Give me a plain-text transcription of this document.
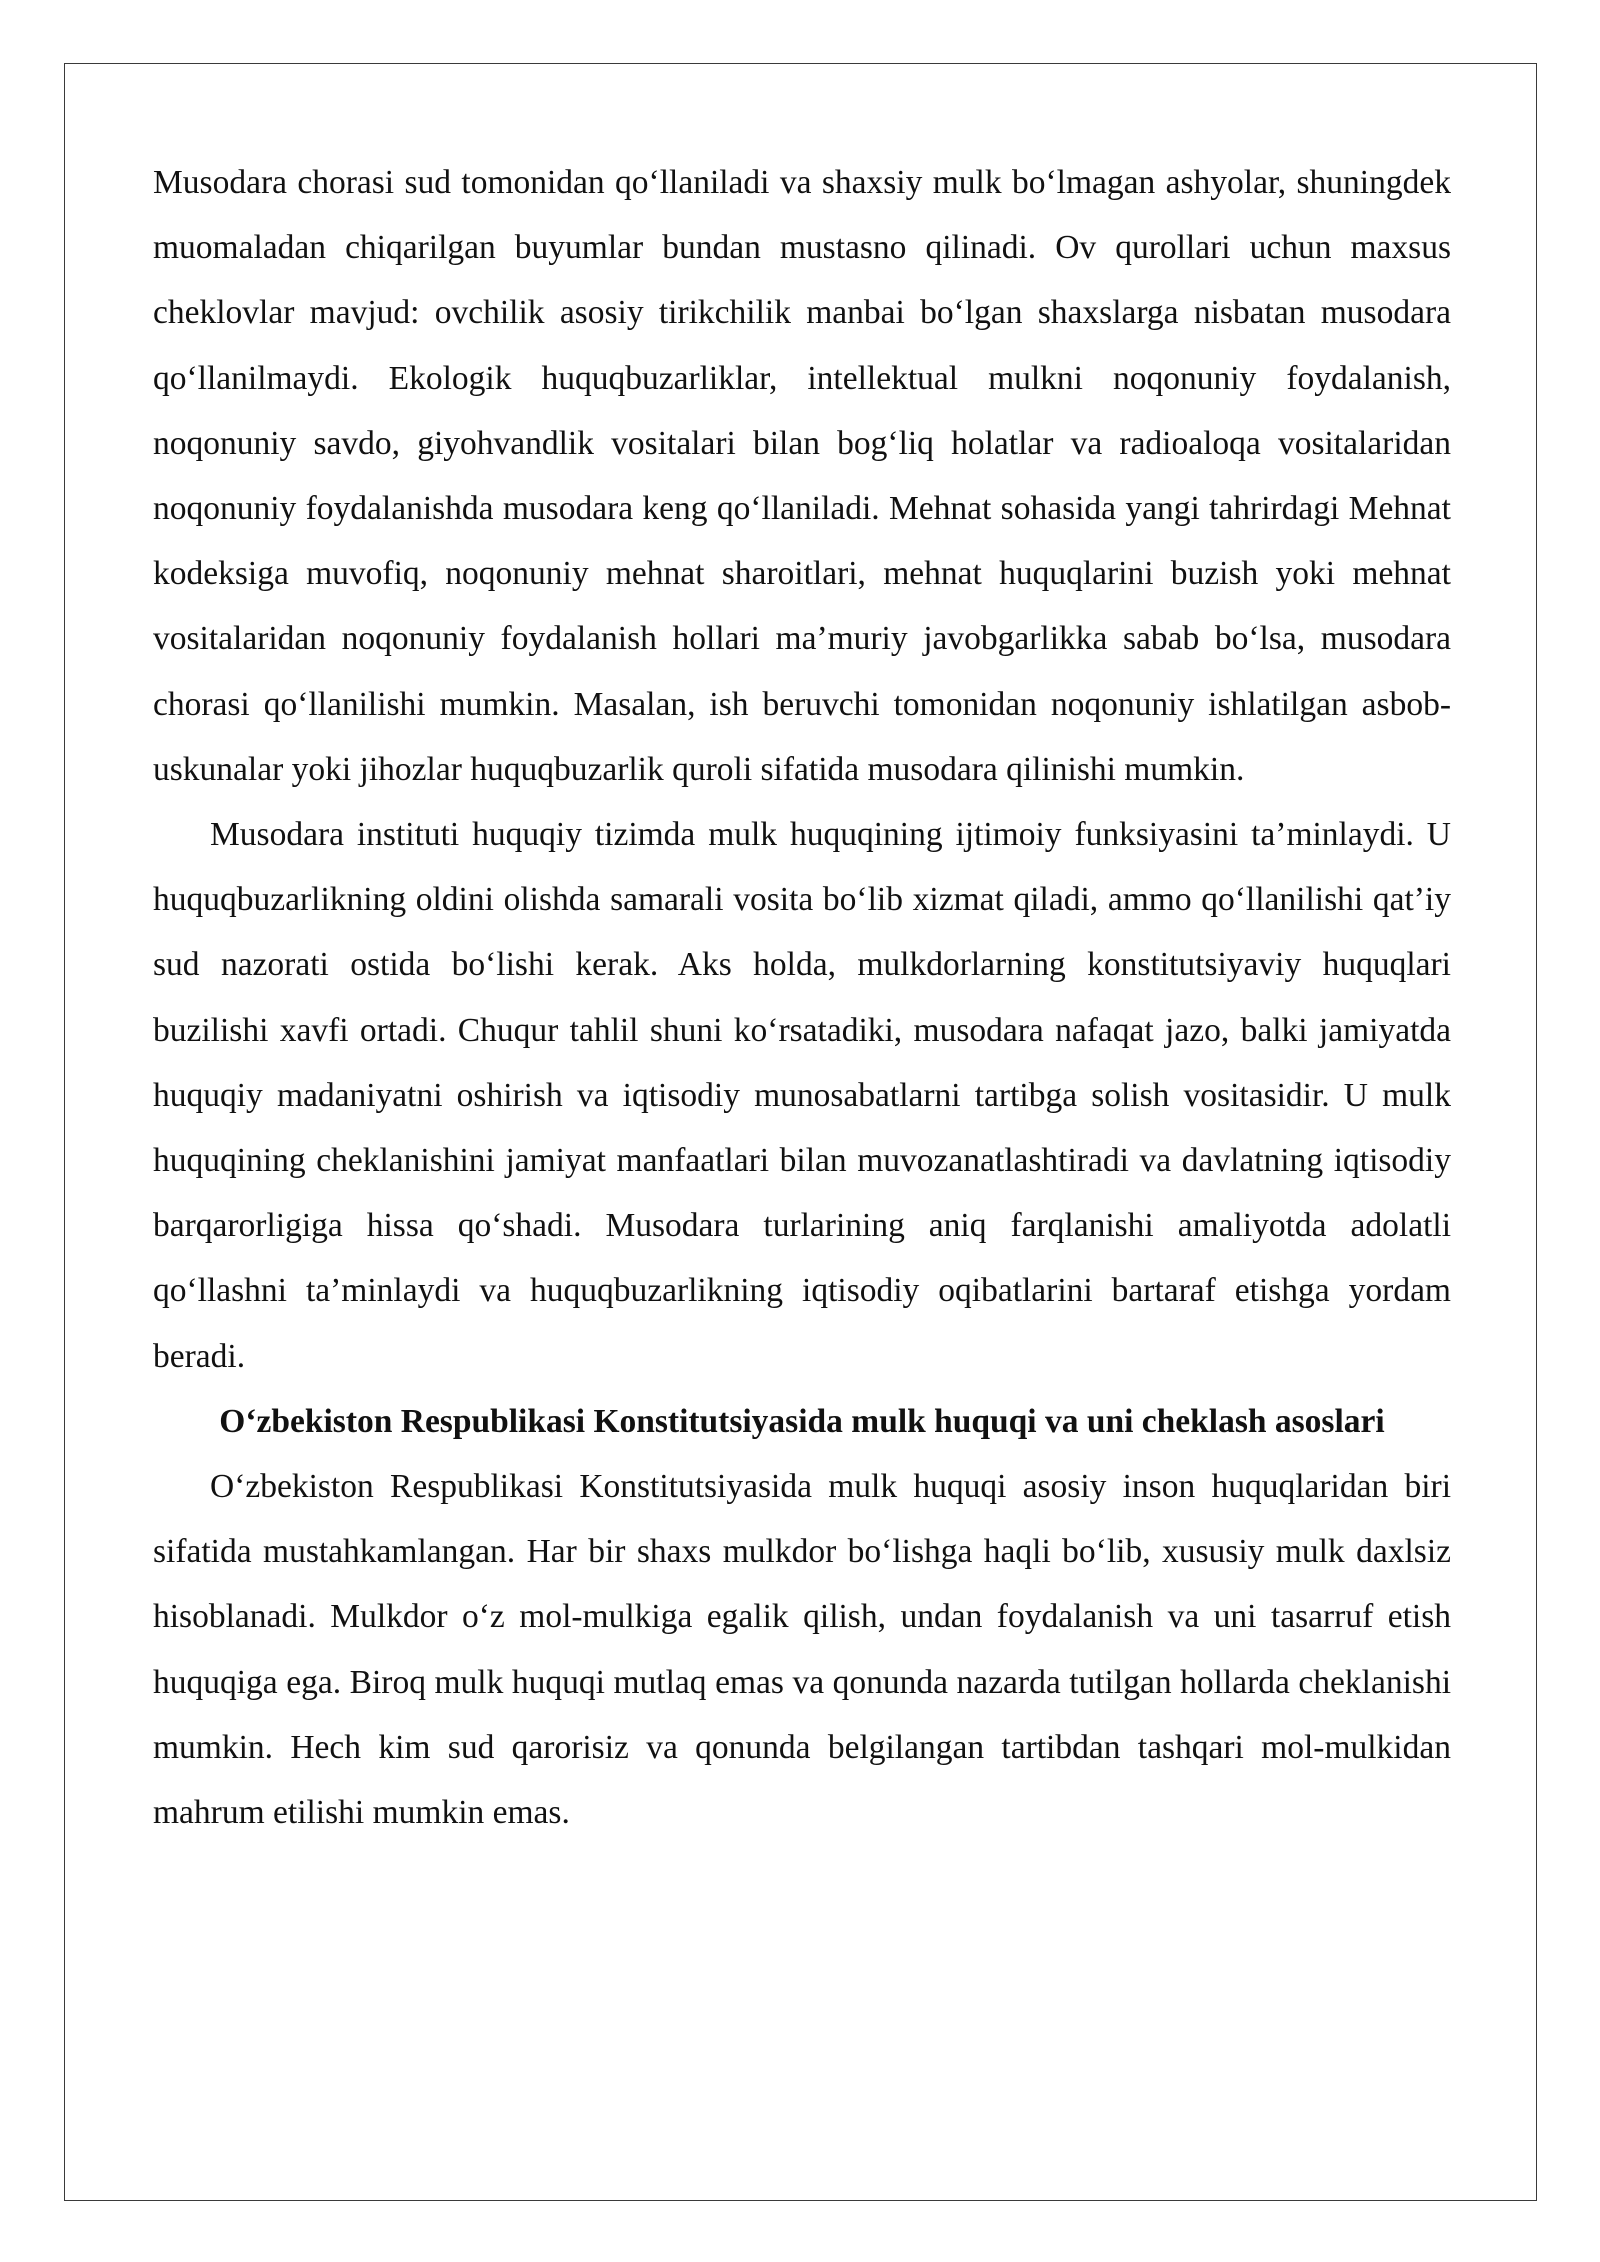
Musodara chorasi sud tomonidan qo‘llaniladi va shaxsiy mulk bo‘lmagan ashyolar, shuningdek muomaladan chiqarilgan buyumlar bundan mustasno qilinadi. Ov qurollari uchun maxsus cheklovlar mavjud: ovchilik asosiy tirikchilik manbai bo‘lgan shaxslarga nisbatan musodara qo‘llanilmaydi. Ekologik huquqbuzarliklar, intellektual mulkni noqonuniy foydalanish, noqonuniy savdo, giyohvandlik vositalari bilan bog‘liq holatlar va radioaloqa vositalaridan noqonuniy foydalanishda musodara keng qo‘llaniladi. Mehnat sohasida yangi tahrirdagi Mehnat kodeksiga muvofiq, noqonuniy mehnat sharoitlari, mehnat huquqlarini buzish yoki mehnat vositalaridan noqonuniy foydalanish hollari ma’muriy javobgarlikka sabab bo‘lsa, musodara chorasi qo‘llanilishi mumkin. Masalan, ish beruvchi tomonidan noqonuniy ishlatilgan asbob-uskunalar yoki jihozlar huquqbuzarlik quroli sifatida musodara qilinishi mumkin.

Musodara instituti huquqiy tizimda mulk huquqining ijtimoiy funksiyasini ta’minlaydi. U huquqbuzarlikning oldini olishda samarali vosita bo‘lib xizmat qiladi, ammo qo‘llanilishi qat’iy sud nazorati ostida bo‘lishi kerak. Aks holda, mulkdorlarning konstitutsiyaviy huquqlari buzilishi xavfi ortadi. Chuqur tahlil shuni ko‘rsatadiki, musodara nafaqat jazo, balki jamiyatda huquqiy madaniyatni oshirish va iqtisodiy munosabatlarni tartibga solish vositasidir. U mulk huquqining cheklanishini jamiyat manfaatlari bilan muvozanatlashtiradi va davlatning iqtisodiy barqarorligiga hissa qo‘shadi. Musodara turlarining aniq farqlanishi amaliyotda adolatli qo‘llashni ta’minlaydi va huquqbuzarlikning iqtisodiy oqibatlarini bartaraf etishga yordam beradi.

O‘zbekiston Respublikasi Konstitutsiyasida mulk huquqi va uni cheklash asoslari

O‘zbekiston Respublikasi Konstitutsiyasida mulk huquqi asosiy inson huquqlaridan biri sifatida mustahkamlangan. Har bir shaxs mulkdor bo‘lishga haqli bo‘lib, xususiy mulk daxlsiz hisoblanadi. Mulkdor o‘z mol-mulkiga egalik qilish, undan foydalanish va uni tasarruf etish huquqiga ega. Biroq mulk huquqi mutlaq emas va qonunda nazarda tutilgan hollarda cheklanishi mumkin. Hech kim sud qarorisiz va qonunda belgilangan tartibdan tashqari mol-mulkidan mahrum etilishi mumkin emas.
